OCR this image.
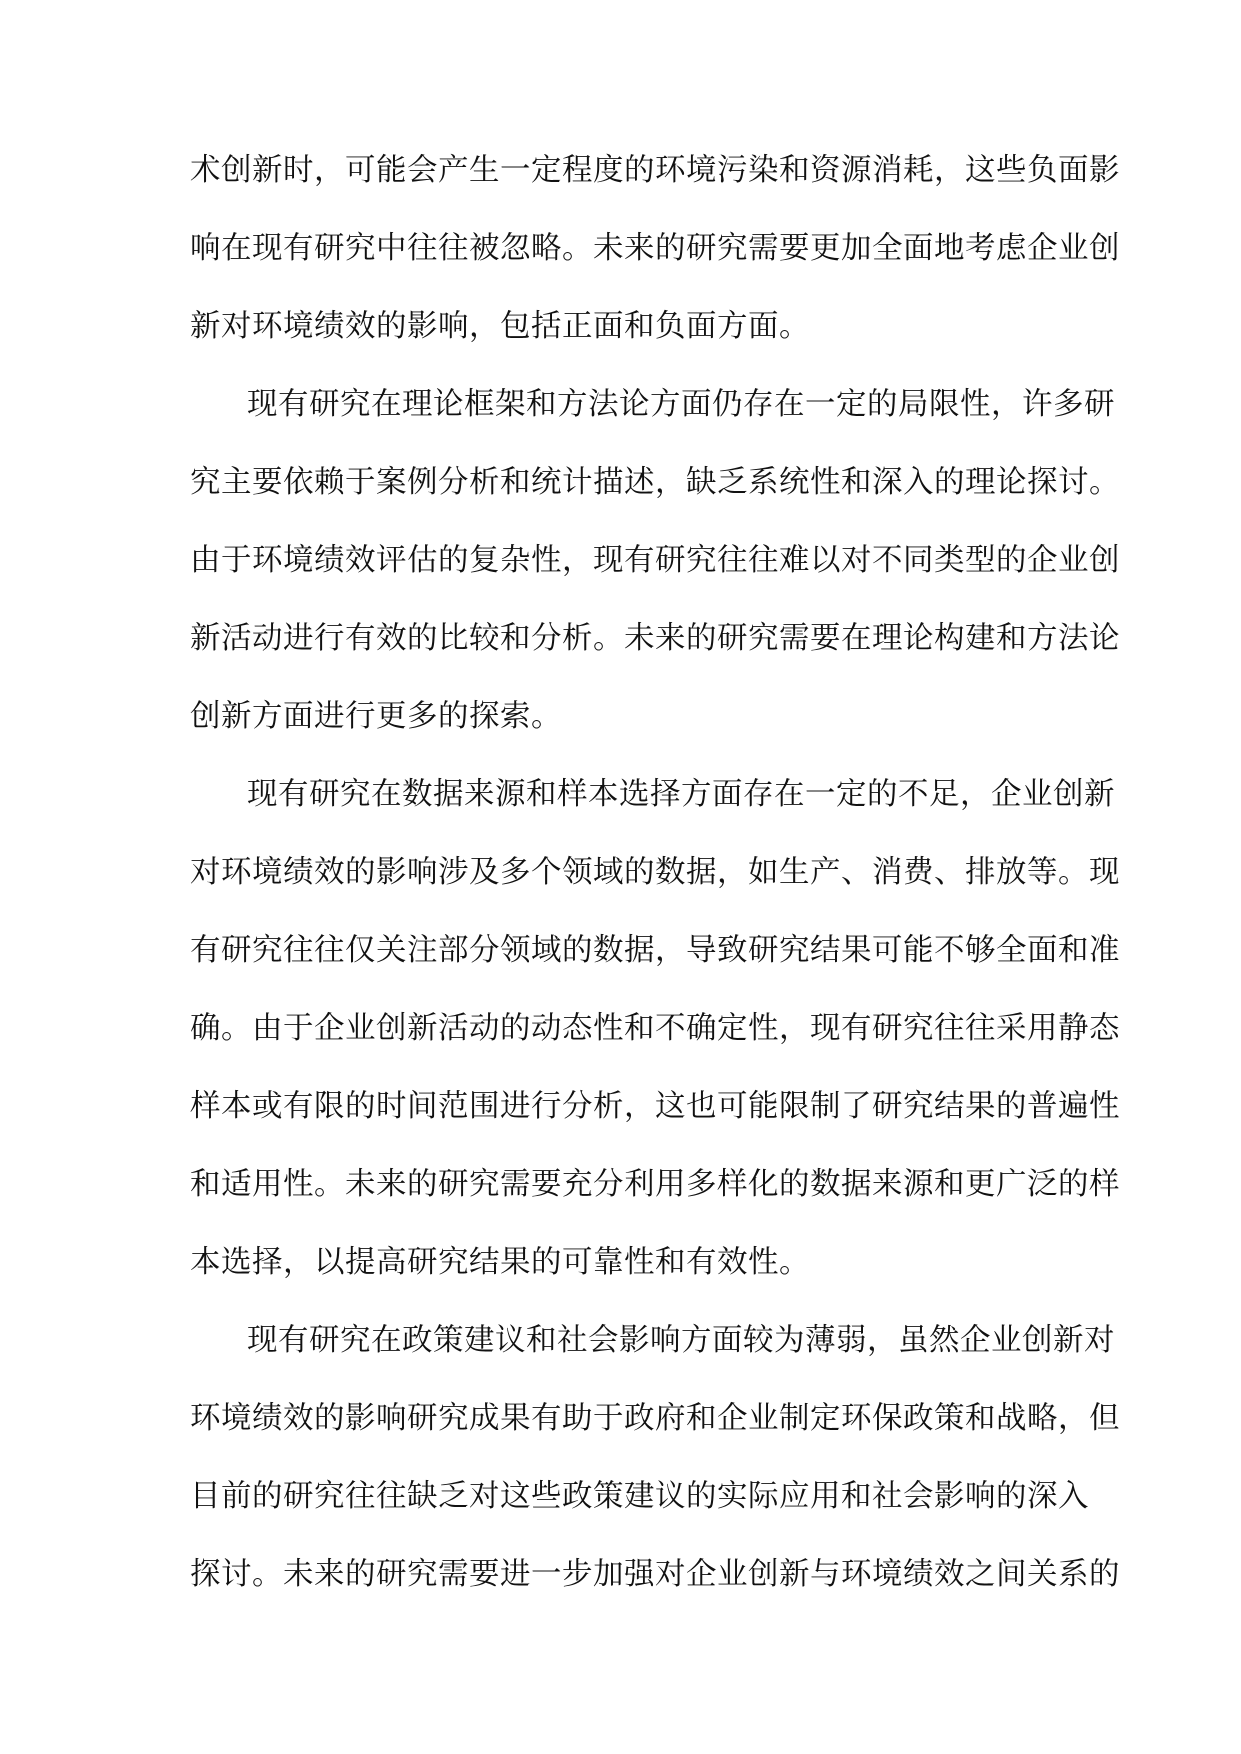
术创新时，可能会产生一定程度的环境污染和资源消耗，这些负面影
响在现有研究中往往被忽略。未来的研究需要更加全面地考虑企业创
新对环境绩效的影响，包括正面和负面方面。
现有研究在理论框架和方法论方面仍存在一定的局限性，许多研
究主要依赖于案例分析和统计描述，缺乏系统性和深入的理论探讨。
由于环境绩效评估的复杂性，现有研究往往难以对不同类型的企业创
新活动进行有效的比较和分析。未来的研究需要在理论构建和方法论
创新方面进行更多的探索。
现有研究在数据来源和样本选择方面存在一定的不足，企业创新
对环境绩效的影响涉及多个领域的数据，如生产、消费、排放等。现
有研究往往仅关注部分领域的数据，导致研究结果可能不够全面和准
确。由于企业创新活动的动态性和不确定性，现有研究往往采用静态
样本或有限的时间范围进行分析，这也可能限制了研究结果的普遍性
和适用性。未来的研究需要充分利用多样化的数据来源和更广泛的样
本选择，以提高研究结果的可靠性和有效性。
现有研究在政策建议和社会影响方面较为薄弱，虽然企业创新对
环境绩效的影响研究成果有助于政府和企业制定环保政策和战略，但
目前的研究往往缺乏对这些政策建议的实际应用和社会影响的深入
探讨。未来的研究需要进一步加强对企业创新与环境绩效之间关系的
